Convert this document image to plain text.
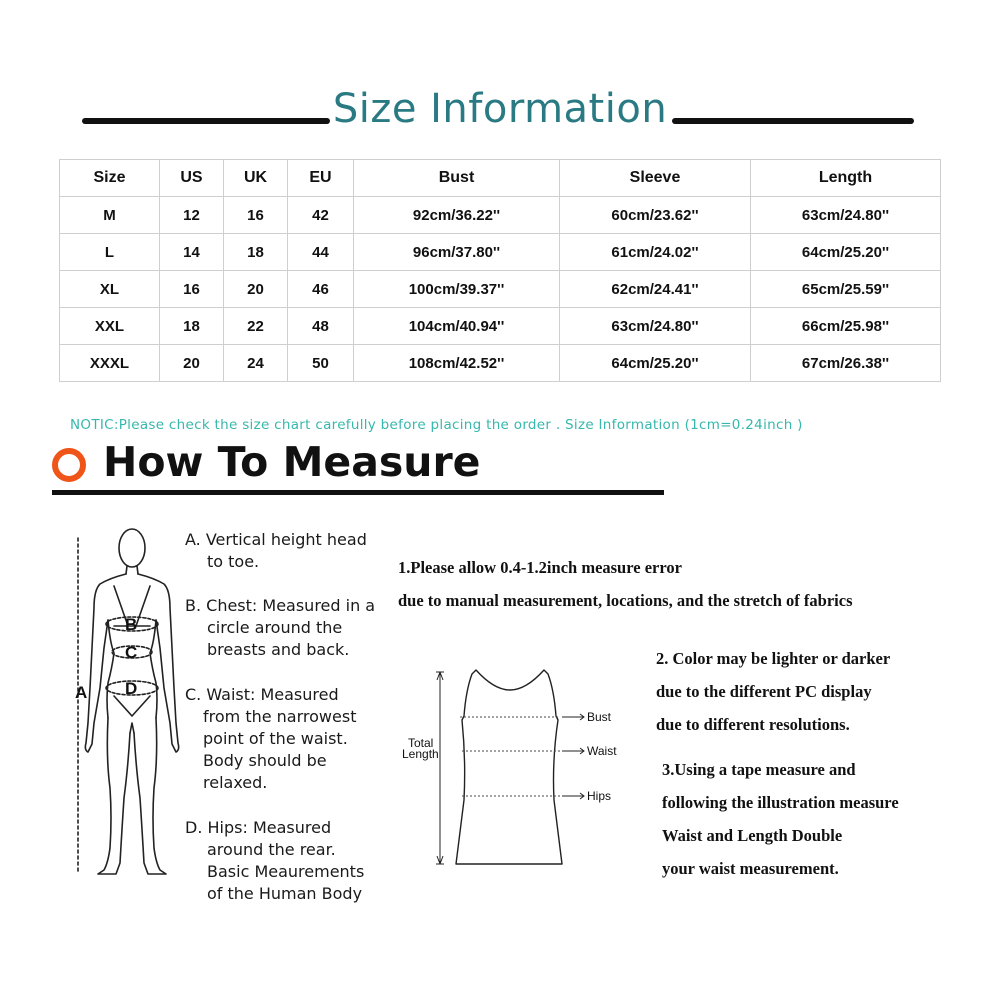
Size Information
Size	US	UK	EU	Bust	Sleeve	Length
M	12	16	42	92cm/36.22''	60cm/23.62''	63cm/24.80''
L	14	18	44	96cm/37.80''	61cm/24.02''	64cm/25.20''
XL	16	20	46	100cm/39.37''	62cm/24.41''	65cm/25.59''
XXL	18	22	48	104cm/40.94''	63cm/24.80''	66cm/25.98''
XXXL	20	24	50	108cm/42.52''	64cm/25.20''	67cm/26.38''
NOTIC:Please check the size chart carefully before placing the order . Size Information (1cm=0.24inch )
How To Measure
B
C
D
A
A. Vertical height head
to toe.
B. Chest: Measured in a
circle around the
breasts and back.
C. Waist: Measured
from the narrowest
point of the waist.
Body should be
relaxed.
D. Hips: Measured
around the rear.
Basic Meaurements
of the Human Body
1.Please allow 0.4-1.2inch measure error
due to manual measurement, locations, and the stretch of fabrics
Total
Length
Bust
Waist
Hips
2. Color may be lighter or darker
due to the different PC display
due to different resolutions.
3.Using a tape measure and
following the illustration measure
Waist and Length Double
your waist measurement.
